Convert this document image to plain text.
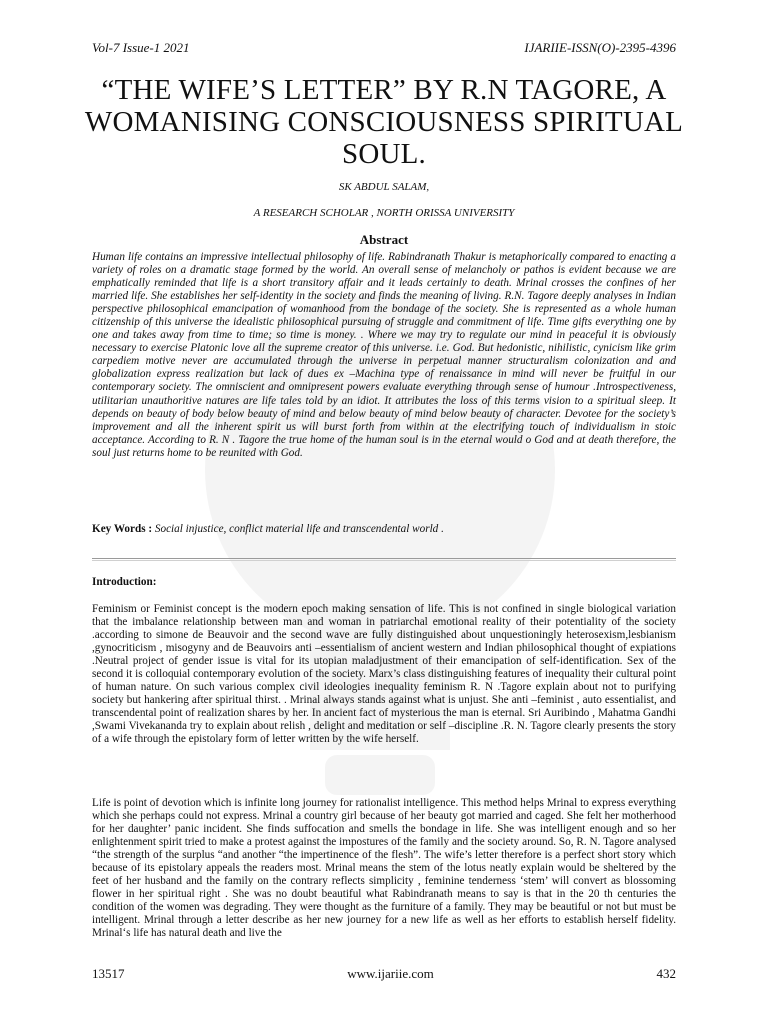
Vol-7 Issue-1 2021	IJARIIE-ISSN(O)-2395-4396
“THE WIFE’S LETTER” BY R.N TAGORE, A WOMANISING CONSCIOUSNESS SPIRITUAL SOUL.
SK ABDUL SALAM,
A RESEARCH SCHOLAR , NORTH ORISSA UNIVERSITY
Abstract

Human life contains an impressive intellectual philosophy of life. Rabindranath Thakur is metaphorically compared to enacting a variety of roles on a dramatic stage formed by the world. An overall sense of melancholy or pathos is evident because we are emphatically reminded that life is a short transitory affair and it leads certainly to death. Mrinal crosses the confines of her married life. She establishes her self-identity in the society and finds the meaning of living. R.N. Tagore deeply analyses in Indian perspective philosophical emancipation of womanhood from the bondage of the society. She is represented as a whole human citizenship of this universe the idealistic philosophical pursuing of struggle and commitment of life. Time gifts everything one by one and takes away from time to time; so time is money. . Where we may try to regulate our mind in peaceful it is obviously necessary to exercise Platonic love all the supreme creator of this universe. i.e. God. But hedonistic, nihilistic, cynicism like grim carpediem motive never are accumulated through the universe in perpetual manner structuralism colonization and and globalization express realization but lack of dues ex –Machina type of renaissance in mind will never be fruitful in our contemporary society. The omniscient and omnipresent powers evaluate everything through sense of humour .Introspectiveness, utilitarian unauthoritive natures are life tales told by an idiot. It attributes the loss of this terms vision to a spiritual sleep. It depends on beauty of body below beauty of mind and below beauty of mind below beauty of character. Devotee for the society’s improvement and all the inherent spirit us will burst forth from within at the electrifying touch of individualism in stoic acceptance. According to R. N . Tagore the true home of the human soul is in the eternal would o God and at death therefore, the soul just returns home to be reunited with God.

Key Words : Social injustice, conflict material life and transcendental world .

Introduction:

Feminism or Feminist concept is the modern epoch making sensation of life. This is not confined in single biological variation that the imbalance relationship between man and woman in patriarchal emotional reality of their potentiality of the society .according to simone de Beauvoir and the second wave are fully distinguished about unquestioningly heterosexism,lesbianism ,gynocriticism , misogyny and de Beauvoirs anti –essentialism of ancient western and Indian philosophical thought of expiations .Neutral project of gender issue is vital for its utopian maladjustment of their emancipation of self-identification. Sex of the second it is colloquial contemporary evolution of the society. Marx’s class distinguishing features of inequality their cultural point of human nature. On such various complex civil ideologies inequality feminism R. N .Tagore explain about not to purifying society but hankering after spiritual thirst. . Mrinal always stands against what is unjust. She anti –feminist , auto essentialist, and transcendental point of realization shares by her. In ancient fact of mysterious the man is eternal. Sri Auribindo , Mahatma Gandhi ,Swami Vivekananda try to explain about relish , delight and meditation or self –discipline .R. N. Tagore clearly presents the story of a wife through the epistolary form of letter written by the wife herself.

Life is point of devotion which is infinite long journey for rationalist intelligence. This method helps Mrinal to express everything which she perhaps could not express. Mrinal a country girl because of her beauty got married and caged. She felt her motherhood for her daughter’ panic incident. She finds suffocation and smells the bondage in life. She was intelligent enough and so her enlightenment spirit tried to make a protest against the impostures of the family and the society around. So, R. N. Tagore analysed “the strength of the surplus “and another “the impertinence of the flesh”. The wife’s letter therefore is a perfect short story which because of its epistolary appeals the readers most. Mrinal means the stem of the lotus neatly explain would be sheltered by the feet of her husband and the family on the contrary reflects simplicity , feminine tenderness ‘stem’ will convert as blossoming flower in her spiritual right . She was no doubt beautiful what Rabindranath means to say is that in the 20 th centuries the condition of the women was degrading. They were thought as the furniture of a family. They may be beautiful or not but must be intelligent. Mrinal through a letter describe as her new journey for a new life as well as her efforts to establish herself fidelity. Mrinal‘s life has natural death and live the

13517	www.ijariie.com	432
